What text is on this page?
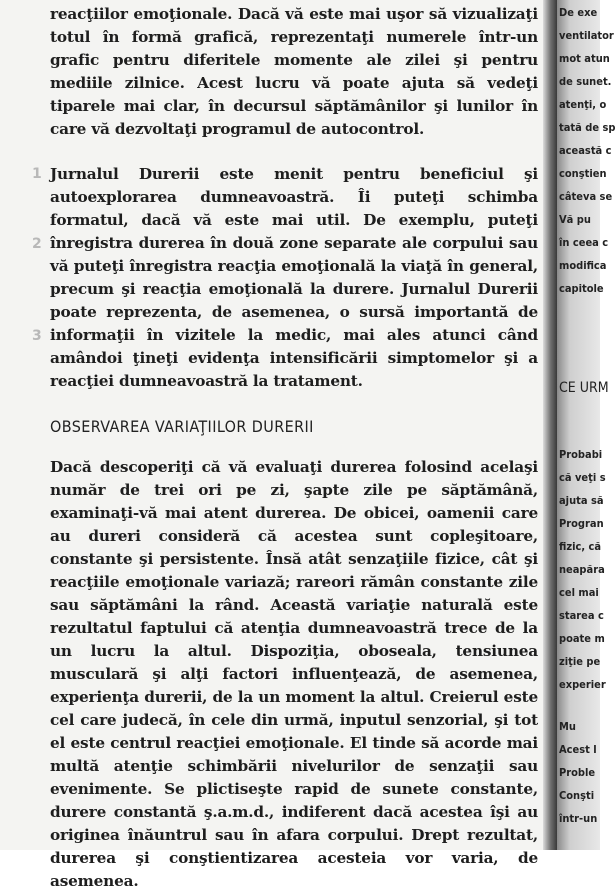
1
2
3

reacţiilor emoţionale. Dacă vă este mai uşor să vizualizaţi totul în formă grafică, reprezentaţi numerele într-un grafic pentru diferitele momente ale zilei şi pentru mediile zilnice. Acest lucru vă poate ajuta să vedeţi tiparele mai clar, în decursul săptămânilor şi lunilor în care vă dezvoltaţi programul de autocontrol.

Jurnalul Durerii este menit pentru beneficiul şi autoexplorarea dumneavoastră. Îi puteţi schimba formatul, dacă vă este mai util. De exemplu, puteţi înregistra durerea în două zone separate ale corpului sau vă puteţi înregistra reacţia emoţională la viaţă în general, precum şi reacţia emoţională la durere. Jurnalul Durerii poate reprezenta, de asemenea, o sursă importantă de informaţii în vizitele la medic, mai ales atunci când amândoi ţineţi evidenţa intensificării simptomelor şi a reacţiei dumneavoastră la tratament.

OBSERVAREA VARIAŢIILOR DURERII

Dacă descoperiţi că vă evaluaţi durerea folosind acelaşi număr de trei ori pe zi, şapte zile pe săptămână, examinaţi-vă mai atent durerea. De obicei, oamenii care au dureri consideră că acestea sunt copleşitoare, constante şi persistente. Însă atât senzaţiile fizice, cât şi reacţiile emoţionale variază; rareori rămân constante zile sau săptămâni la rând. Această variaţie naturală este rezultatul faptului că atenţia dumneavoastră trece de la un lucru la altul. Dispoziţia, oboseala, tensiunea musculară şi alţi factori influenţează, de asemenea, experienţa durerii, de la un moment la altul. Creierul este cel care judecă, în cele din urmă, inputul senzorial, şi tot el este centrul reacţiei emoţionale. El tinde să acorde mai multă atenţie schimbării nivelurilor de senzaţii sau evenimente. Se plictiseşte rapid de sunete constante, durere constantă ş.a.m.d., indiferent dacă acestea îşi au originea înăuntrul sau în afara corpului. Drept rezultat, durerea şi conştientizarea acesteia vor varia, de asemenea.

De exe
ventilator
mot atun
de sunet.
atenţi, o
tată de sp
această c
conştien
câteva se
Vă pu
în ceea c
modifica
capitole
CE URM
Probabi
că veţi s
ajuta să
Progran
fizic, că
neapăra
cel mai
starea c
poate m
ziţie pe
experier
Mu
Acest l
Proble
Conşti
într-un
